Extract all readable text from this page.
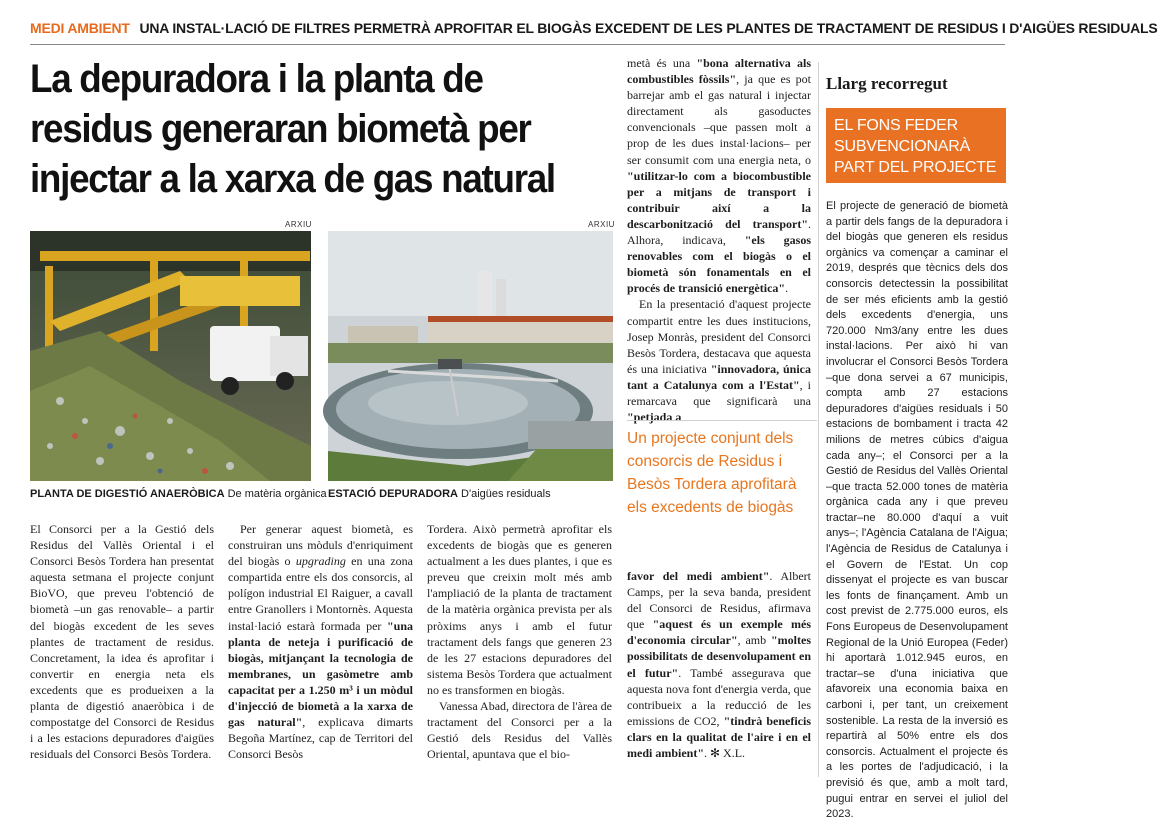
MEDI AMBIENT UNA INSTAL·LACIÓ DE FILTRES PERMETRÀ APROFITAR EL BIOGÀS EXCEDENT DE LES PLANTES DE TRACTAMENT DE RESIDUS I D'AIGÜES RESIDUALS
La depuradora i la planta de residus generaran biometà per injectar a la xarxa de gas natural
ARXIU
PLANTA DE DIGESTIÓ ANAERÒBICA De matèria orgànica
ARXIU
ESTACIÓ DEPURADORA D'aigües residuals

El Consorci per a la Gestió dels Residus del Vallès Oriental i el Consorci Besòs Tordera han presentat aquesta setmana el projecte conjunt BioVO, que preveu l'obtenció de biometà –un gas renovable– a partir del biogàs excedent de les seves plantes de tractament de residus. Concretament, la idea és aprofitar i convertir en energia neta els excedents que es produeixen a la planta de digestió anaeròbica i de compostatge del Consorci de Residus i a les estacions depuradores d'aigües residuals del Consorci Besòs Tordera.

Per generar aquest biometà, es construiran uns mòduls d'enriquiment del biogàs o upgrading en una zona compartida entre els dos consorcis, al polígon industrial El Raiguer, a cavall entre Granollers i Montornès. Aquesta instal·lació estarà formada per "una planta de neteja i purificació de biogàs, mitjançant la tecnologia de membranes, un gasòmetre amb capacitat per a 1.250 m³ i un mòdul d'injecció de biometà a la xarxa de gas natural", explicava dimarts Begoña Martínez, cap de Territori del Consorci Besòs

Tordera. Això permetrà aprofitar els excedents de biogàs que es generen actualment a les dues plantes, i que es preveu que creixin molt més amb l'ampliació de la planta de tractament de la matèria orgànica prevista per als pròxims anys i amb el futur tractament dels fangs que generen 23 de les 27 estacions depuradores del sistema Besòs Tordera que actualment no es transformen en biogàs.

Vanessa Abad, directora de l'àrea de tractament del Consorci per a la Gestió dels Residus del Vallès Oriental, apuntava que el bio-

metà és una "bona alternativa als combustibles fòssils", ja que es pot barrejar amb el gas natural i injectar directament als gasoductes convencionals –que passen molt a prop de les dues instal·lacions– per ser consumit com una energia neta, o "utilitzar-lo com a biocombustible per a mitjans de transport i contribuir així a la descarbonització del transport". Alhora, indicava, "els gasos renovables com el biogàs o el biometà són fonamentals en el procés de transició energètica".

En la presentació d'aquest projecte compartit entre les dues institucions, Josep Monràs, president del Consorci Besòs Tordera, destacava que aquesta és una iniciativa "innovadora, única tant a Catalunya com a l'Estat", i remarcava que significarà una "petjada a

Un projecte conjunt dels consorcis de Residus i Besòs Tordera aprofitarà els excedents de biogàs

favor del medi ambient". Albert Camps, per la seva banda, president del Consorci de Residus, afirmava que "aquest és un exemple més d'economia circular", amb "moltes possibilitats de desenvolupament en el futur". També assegurava que aquesta nova font d'energia verda, que contribueix a la reducció de les emissions de CO2, "tindrà beneficis clars en la qualitat de l'aire i en el medi ambient". ✻ X.L.

Llarg recorregut
EL FONS FEDER SUBVENCIONARÀ PART DEL PROJECTE
El projecte de generació de biometà a partir dels fangs de la depuradora i del biogàs que generen els residus orgànics va començar a caminar el 2019, després que tècnics dels dos consorcis detectessin la possibilitat de ser més eficients amb la gestió dels excedents d'energia, uns 720.000 Nm3/any entre les dues instal·lacions. Per això hi van involucrar el Consorci Besòs Tordera –que dona servei a 67 municipis, compta amb 27 estacions depuradores d'aigües residuals i 50 estacions de bombament i tracta 42 milions de metres cúbics d'aigua cada any–; el Consorci per a la Gestió de Residus del Vallès Oriental –que tracta 52.000 tones de matèria orgànica cada any i que preveu tractar–ne 80.000 d'aquí a vuit anys–; l'Agència Catalana de l'Aigua; l'Agència de Residus de Catalunya i el Govern de l'Estat. Un cop dissenyat el projecte es van buscar les fonts de finançament. Amb un cost previst de 2.775.000 euros, els Fons Europeus de Desenvolupament Regional de la Unió Europea (Feder) hi aportarà 1.012.945 euros, en tractar–se d'una iniciativa que afavoreix una economia baixa en carboni i, per tant, un creixement sostenible. La resta de la inversió es repartirà al 50% entre els dos consorcis. Actualment el projecte és a les portes de l'adjudicació, i la previsió és que, amb a molt tard, pugui entrar en servei el juliol del 2023.
